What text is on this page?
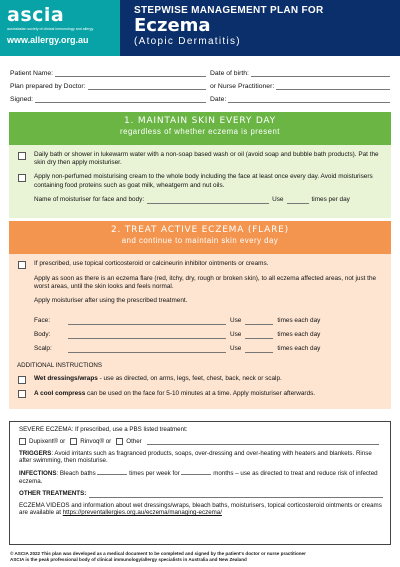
ascia
australasian society of clinical immunology and allergy
www.allergy.org.au
STEPWISE MANAGEMENT PLAN FOR
Eczema
(Atopic Dermatitis)
Patient Name:	Date of birth:
Plan prepared by Doctor:	or Nurse Practitioner:
Signed:	Date:
1. MAINTAIN SKIN EVERY DAY
regardless of whether eczema is present
Daily bath or shower in lukewarm water with a non-soap based wash or oil (avoid soap and bubble bath products). Pat the skin dry then apply moisturiser.
Apply non-perfumed moisturising cream to the whole body including the face at least once every day. Avoid moisturisers containing food proteins such as goat milk, wheatgerm and nut oils.
Name of moisturiser for face and body:	Use	times per day
2. TREAT ACTIVE ECZEMA (FLARE)
and continue to maintain skin every day
If prescribed, use topical corticosteroid or calcineurin inhibitor ointments or creams.
Apply as soon as there is an eczema flare (red, itchy, dry, rough or broken skin), to all eczema affected areas, not just the worst areas, until the skin looks and feels normal.
Apply moisturiser after using the prescribed treatment.
Face:	Use	times each day
Body:	Use	times each day
Scalp:	Use	times each day
ADDITIONAL INSTRUCTIONS
Wet dressings/wraps - use as directed, on arms, legs, feet, chest, back, neck or scalp.
A cool compress can be used on the face for 5-10 minutes at a time. Apply moisturiser afterwards.

SEVERE ECZEMA: If prescribed, use a PBS listed treatment:

Dupixent® or Rinvoq® or Other

TRIGGERS: Avoid irritants such as fragranced products, soaps, over-dressing and over-heating with heaters and blankets. Rinse after swimming, then moisturise.

INFECTIONS: Bleach baths	times per week for	months – use as directed to treat and reduce risk of infected eczema.

OTHER TREATMENTS:

ECZEMA VIDEOS and information about wet dressings/wraps, bleach baths, moisturisers, topical corticosteroid ointments or creams are available at https://preventallergies.org.au/eczema/managing-eczema/

© ASCIA 2022 This plan was developed as a medical document to be completed and signed by the patient's doctor or nurse practitioner
ASCIA is the peak professional body of clinical immunology/allergy specialists in Australia and New Zealand
